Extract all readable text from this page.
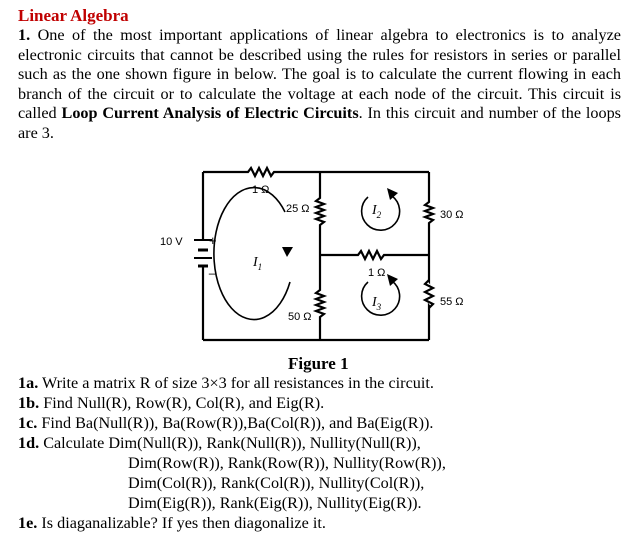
Linear Algebra
1. One of the most important applications of linear algebra to electronics is to analyze electronic circuits that cannot be described using the rules for resistors in series or parallel such as the one shown figure in below. The goal is to calculate the current flowing in each branch of the circuit or to calculate the voltage at each node of the circuit. This circuit is called Loop Current Analysis of Electric Circuits. In this circuit and number of the loops are 3.
1 Ω
25 Ω	30 Ω
10 V +
_	1 Ω
50 Ω
55 Ω
$I_1$
$I_2$
$I_3$
Figure 1
1a. Write a matrix R of size 3×3 for all resistances in the circuit.
1b. Find Null(R), Row(R), Col(R), and Eig(R).
1c. Find Ba(Null(R)), Ba(Row(R)),Ba(Col(R)), and Ba(Eig(R)).
1d. Calculate Dim(Null(R)), Rank(Null(R)), Nullity(Null(R)),
Dim(Row(R)), Rank(Row(R)), Nullity(Row(R)),
Dim(Col(R)), Rank(Col(R)), Nullity(Col(R)),
Dim(Eig(R)), Rank(Eig(R)), Nullity(Eig(R)).
1e. Is diaganalizable? If yes then diagonalize it.
